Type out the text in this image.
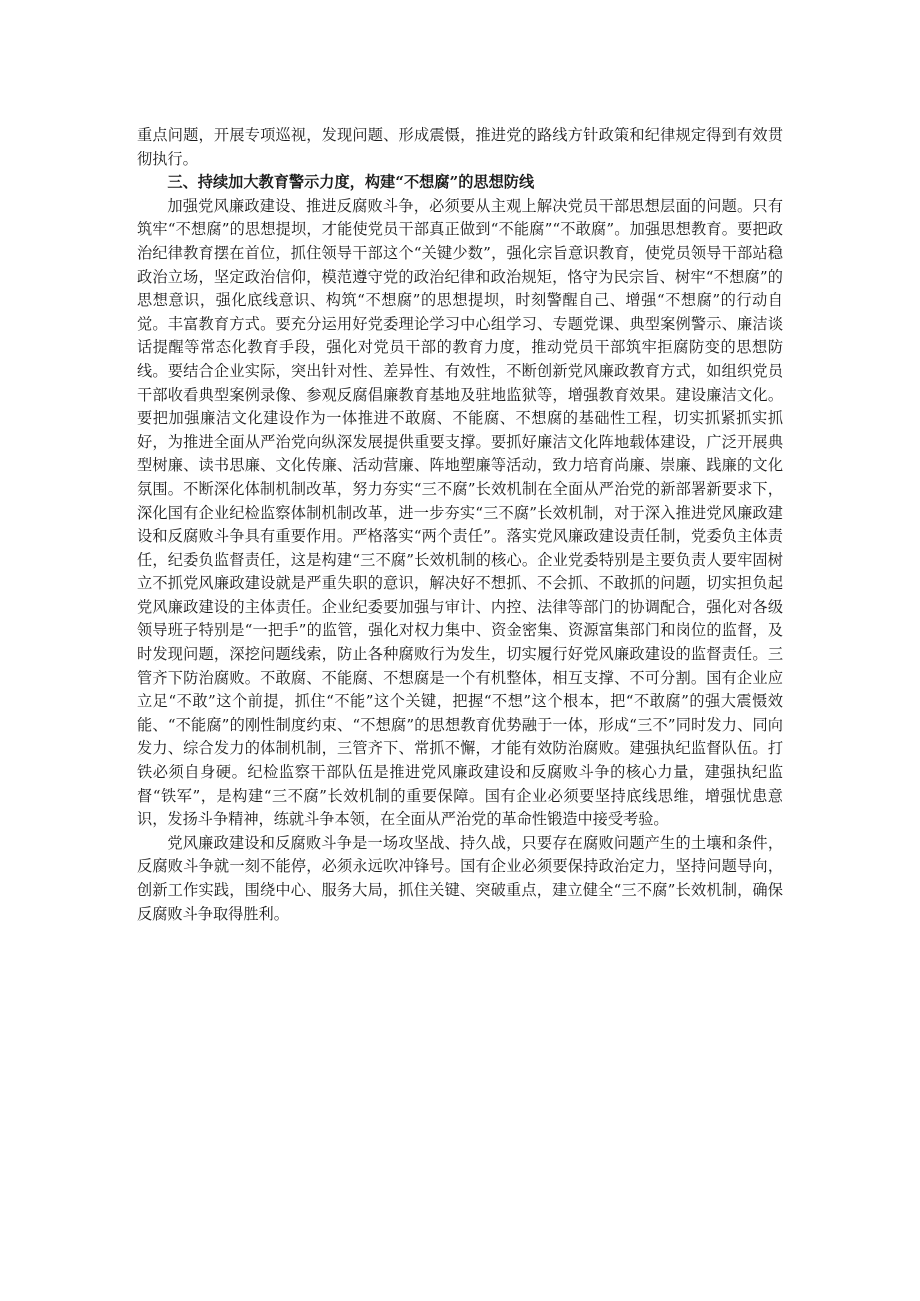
重点问题，开展专项巡视，发现问题、形成震慑，推进党的路线方针政策和纪律规定得到有效贯彻执行。

三、持续加大教育警示力度，构建“不想腐”的思想防线

加强党风廉政建设、推进反腐败斗争，必须要从主观上解决党员干部思想层面的问题。只有筑牢“不想腐”的思想提坝，才能使党员干部真正做到“不能腐”“不敢腐”。加强思想教育。要把政治纪律教育摆在首位，抓住领导干部这个“关键少数”，强化宗旨意识教育，使党员领导干部站稳政治立场，坚定政治信仰，模范遵守党的政治纪律和政治规矩，恪守为民宗旨、树牢“不想腐”的思想意识，强化底线意识、构筑“不想腐”的思想提坝，时刻警醒自己、增强“不想腐”的行动自觉。丰富教育方式。要充分运用好党委理论学习中心组学习、专题党课、典型案例警示、廉洁谈话提醒等常态化教育手段，强化对党员干部的教育力度，推动党员干部筑牢拒腐防变的思想防线。要结合企业实际，突出针对性、差异性、有效性，不断创新党风廉政教育方式，如组织党员干部收看典型案例录像、参观反腐倡廉教育基地及驻地监狱等，增强教育效果。建设廉洁文化。要把加强廉洁文化建设作为一体推进不敢腐、不能腐、不想腐的基础性工程，切实抓紧抓实抓好，为推进全面从严治党向纵深发展提供重要支撑。要抓好廉洁文化阵地载体建设，广泛开展典型树廉、读书思廉、文化传廉、活动营廉、阵地塑廉等活动，致力培育尚廉、崇廉、践廉的文化氛围。不断深化体制机制改革，努力夯实“三不腐”长效机制在全面从严治党的新部署新要求下，深化国有企业纪检监察体制机制改革，进一步夯实“三不腐”长效机制，对于深入推进党风廉政建设和反腐败斗争具有重要作用。严格落实“两个责任”。落实党风廉政建设责任制，党委负主体责任，纪委负监督责任，这是构建“三不腐”长效机制的核心。企业党委特别是主要负责人要牢固树立不抓党风廉政建设就是严重失职的意识，解决好不想抓、不会抓、不敢抓的问题，切实担负起党风廉政建设的主体责任。企业纪委要加强与审计、内控、法律等部门的协调配合，强化对各级领导班子特别是“一把手”的监管，强化对权力集中、资金密集、资源富集部门和岗位的监督，及时发现问题，深挖问题线索，防止各种腐败行为发生，切实履行好党风廉政建设的监督责任。三管齐下防治腐败。不敢腐、不能腐、不想腐是一个有机整体，相互支撑、不可分割。国有企业应立足“不敢”这个前提，抓住“不能”这个关键，把握“不想”这个根本，把“不敢腐”的强大震慑效能、“不能腐”的刚性制度约束、“不想腐”的思想教育优势融于一体，形成“三不”同时发力、同向发力、综合发力的体制机制，三管齐下、常抓不懈，才能有效防治腐败。建强执纪监督队伍。打铁必须自身硬。纪检监察干部队伍是推进党风廉政建设和反腐败斗争的核心力量，建强执纪监督“铁军”，是构建“三不腐”长效机制的重要保障。国有企业必须要坚持底线思维，增强忧患意识，发扬斗争精神，练就斗争本领，在全面从严治党的革命性锻造中接受考验。

党风廉政建设和反腐败斗争是一场攻坚战、持久战，只要存在腐败问题产生的土壤和条件，反腐败斗争就一刻不能停，必须永远吹冲锋号。国有企业必须要保持政治定力，坚持问题导向，创新工作实践，围绕中心、服务大局，抓住关键、突破重点，建立健全“三不腐”长效机制，确保反腐败斗争取得胜利。
